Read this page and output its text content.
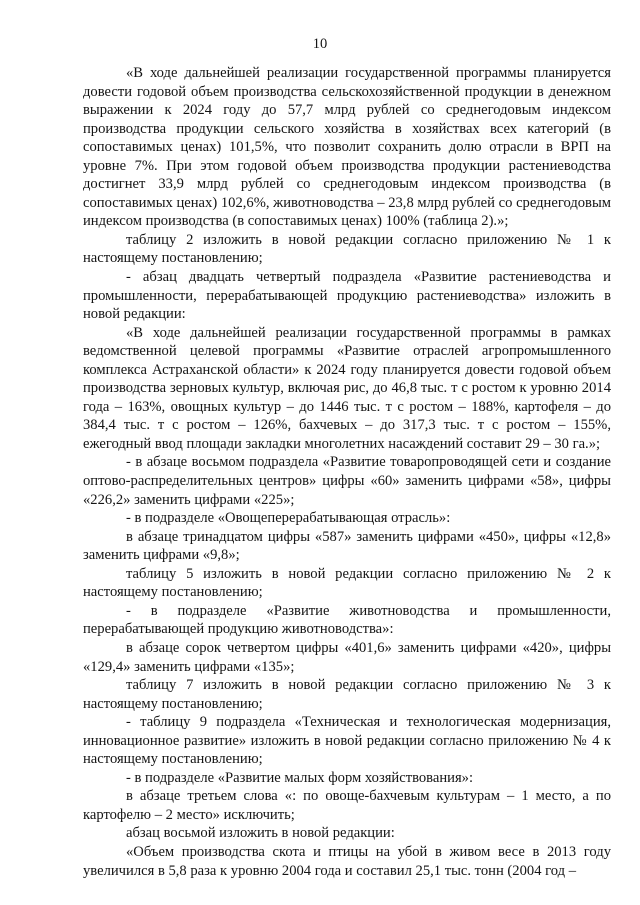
10

«В ходе дальнейшей реализации государственной программы планируется довести годовой объем производства сельскохозяйственной продукции в денежном выражении к 2024 году до 57,7 млрд рублей со среднегодовым индексом производства продукции сельского хозяйства в хозяйствах всех категорий (в сопоставимых ценах) 101,5%, что позволит сохранить долю отрасли в ВРП на уровне 7%. При этом годовой объем производства продукции растениеводства достигнет 33,9 млрд рублей со среднегодовым индексом производства (в сопоставимых ценах) 102,6%, животноводства – 23,8 млрд рублей со среднегодовым индексом производства (в сопоставимых ценах) 100% (таблица 2).»;

таблицу 2 изложить в новой редакции согласно приложению № 1 к настоящему постановлению;

- абзац двадцать четвертый подраздела «Развитие растениеводства и промышленности, перерабатывающей продукцию растениеводства» изложить в новой редакции:

«В ходе дальнейшей реализации государственной программы в рамках ведомственной целевой программы «Развитие отраслей агропромышленного комплекса Астраханской области» к 2024 году планируется довести годовой объем производства зерновых культур, включая рис, до 46,8 тыс. т с ростом к уровню 2014 года – 163%, овощных культур – до 1446 тыс. т с ростом – 188%, картофеля – до 384,4 тыс. т с ростом – 126%, бахчевых – до 317,3 тыс. т с ростом – 155%, ежегодный ввод площади закладки многолетних насаждений составит 29 – 30 га.»;

- в абзаце восьмом подраздела «Развитие товаропроводящей сети и создание оптово-распределительных центров» цифры «60» заменить цифрами «58», цифры «226,2» заменить цифрами «225»;

- в подразделе «Овощеперерабатывающая отрасль»:

в абзаце тринадцатом цифры «587» заменить цифрами «450», цифры «12,8» заменить цифрами «9,8»;

таблицу 5 изложить в новой редакции согласно приложению № 2 к настоящему постановлению;

- в подразделе «Развитие животноводства и промышленности, перерабатывающей продукцию животноводства»:

в абзаце сорок четвертом цифры «401,6» заменить цифрами «420», цифры «129,4» заменить цифрами «135»;

таблицу 7 изложить в новой редакции согласно приложению № 3 к настоящему постановлению;

- таблицу 9 подраздела «Техническая и технологическая модернизация, инновационное развитие» изложить в новой редакции согласно приложению № 4 к настоящему постановлению;

- в подразделе «Развитие малых форм хозяйствования»:

в абзаце третьем слова «: по овоще-бахчевым культурам – 1 место, а по картофелю – 2 место» исключить;

абзац восьмой изложить в новой редакции:

«Объем производства скота и птицы на убой в живом весе в 2013 году увеличился в 5,8 раза к уровню 2004 года и составил 25,1 тыс. тонн (2004 год –
